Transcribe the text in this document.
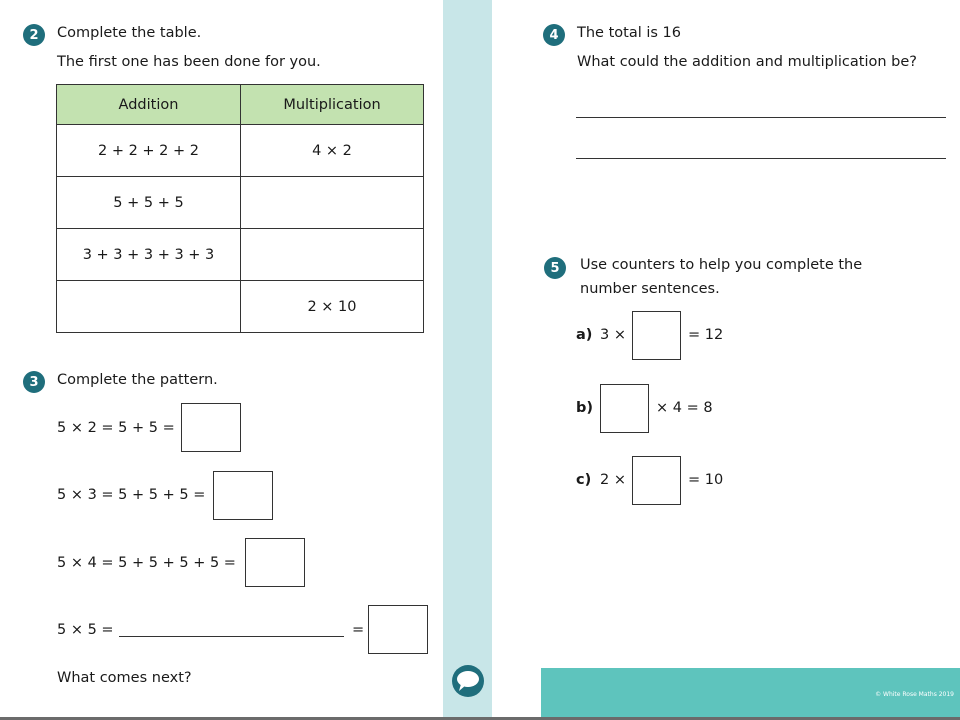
2 Complete the table.
The first one has been done for you.
Addition	Multiplication
2 + 2 + 2 + 2	4 × 2
5 + 5 + 5	
3 + 3 + 3 + 3 + 3	
	2 × 10
3 Complete the pattern.
5 × 2 = 5 + 5 =
5 × 3 = 5 + 5 + 5 =
5 × 4 = 5 + 5 + 5 + 5 =
5 × 5 =	=
What comes next?
4 The total is 16
What could the addition and multiplication be?
5 Use counters to help you complete the
number sentences.
a) 3 ×	= 12
b)	× 4 = 8
c) 2 ×	= 10
© White Rose Maths 2019
